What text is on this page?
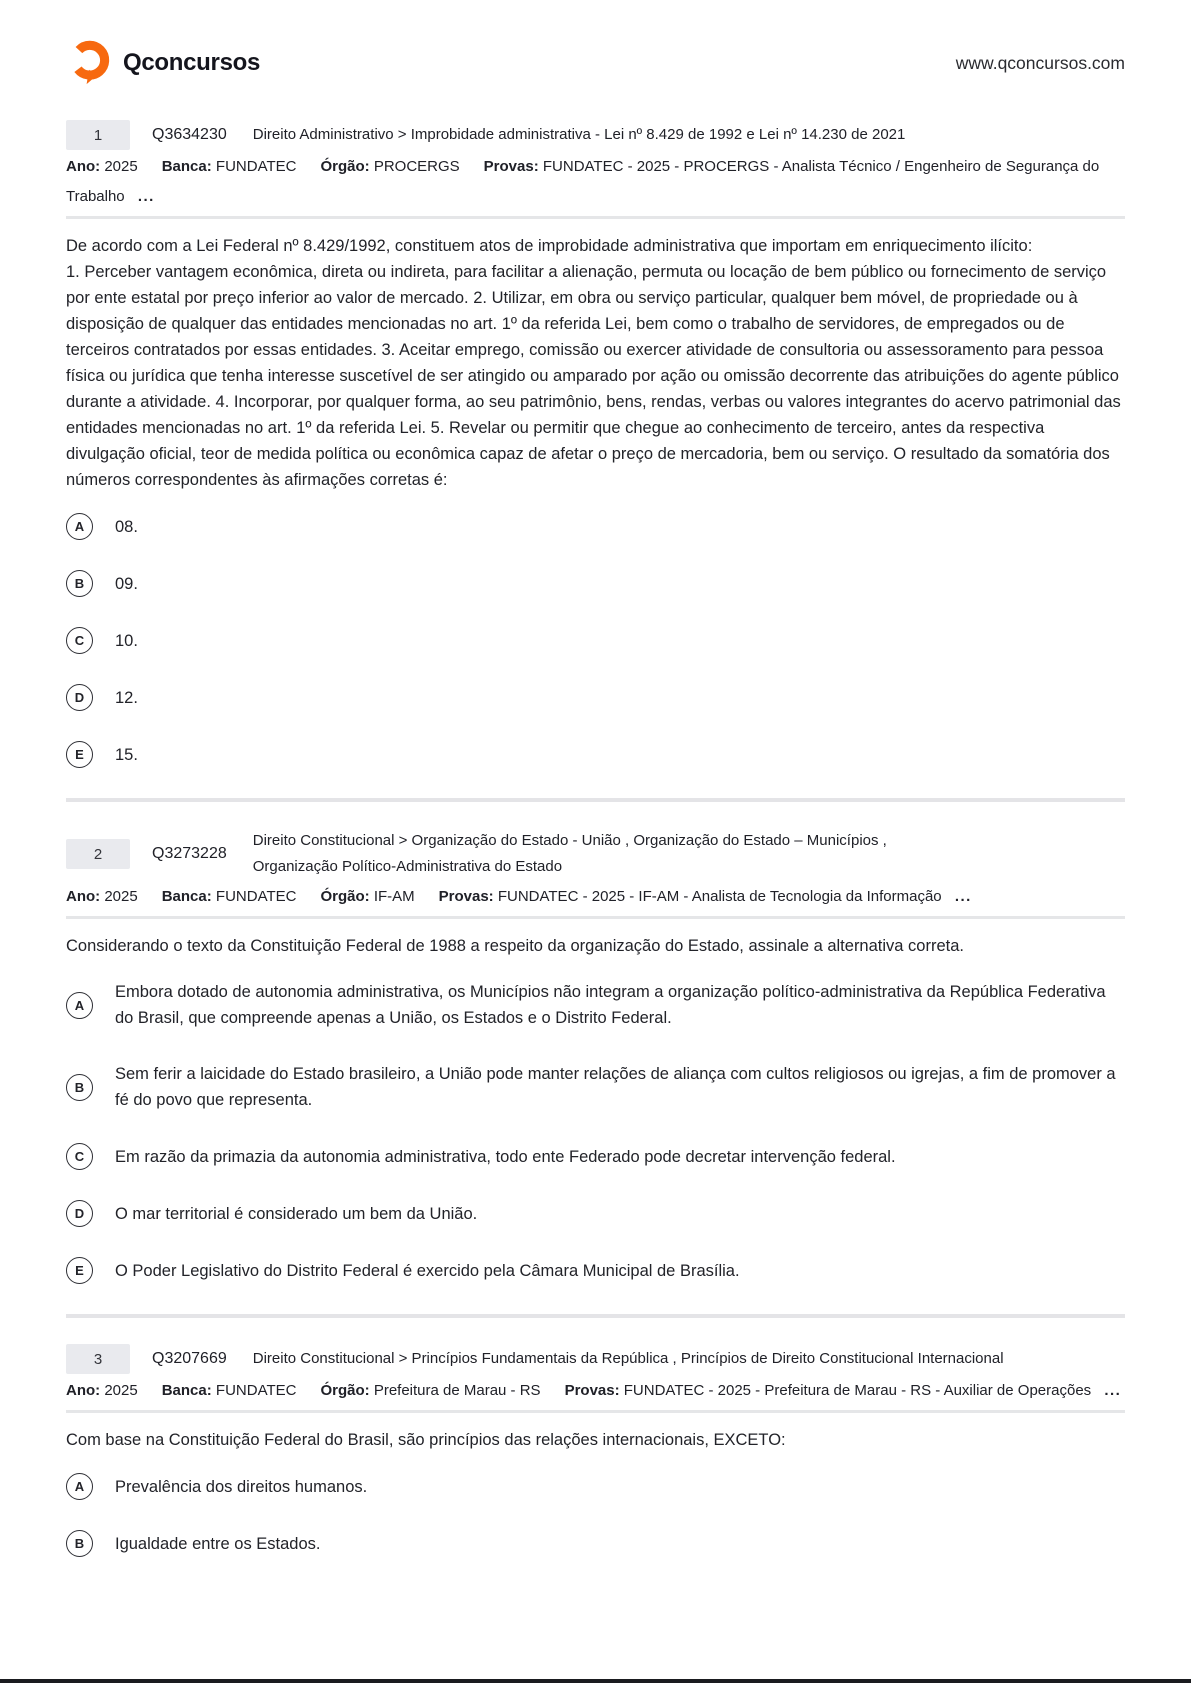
Qconcursos	www.qconcursos.com
1	Q3634230 Direito Administrativo > Improbidade administrativa - Lei nº 8.429 de 1992 e Lei nº 14.230 de 2021
Ano: 2025 Banca: FUNDATEC Órgão: PROCERGS Provas: FUNDATEC - 2025 - PROCERGS - Analista Técnico / Engenheiro de Segurança do Trabalho ...

De acordo com a Lei Federal nº 8.429/1992, constituem atos de improbidade administrativa que importam em enriquecimento ilícito:

1. Perceber vantagem econômica, direta ou indireta, para facilitar a alienação, permuta ou locação de bem público ou fornecimento de serviço por ente estatal por preço inferior ao valor de mercado. 2. Utilizar, em obra ou serviço particular, qualquer bem móvel, de propriedade ou à disposição de qualquer das entidades mencionadas no art. 1º da referida Lei, bem como o trabalho de servidores, de empregados ou de terceiros contratados por essas entidades. 3. Aceitar emprego, comissão ou exercer atividade de consultoria ou assessoramento para pessoa física ou jurídica que tenha interesse suscetível de ser atingido ou amparado por ação ou omissão decorrente das atribuições do agente público durante a atividade. 4. Incorporar, por qualquer forma, ao seu patrimônio, bens, rendas, verbas ou valores integrantes do acervo patrimonial das entidades mencionadas no art. 1º da referida Lei. 5. Revelar ou permitir que chegue ao conhecimento de terceiro, antes da respectiva divulgação oficial, teor de medida política ou econômica capaz de afetar o preço de mercadoria, bem ou serviço. O resultado da somatória dos números correspondentes às afirmações corretas é:

A	08.
B	09.
C	10.
D	12.
E	15.
2	Q3273228
Direito Constitucional > Organização do Estado - União , Organização do Estado – Municípios ,
Organização Político-Administrativa do Estado
Ano: 2025 Banca: FUNDATEC Órgão: IF-AM Provas: FUNDATEC - 2025 - IF-AM - Analista de Tecnologia da Informação ...

Considerando o texto da Constituição Federal de 1988 a respeito da organização do Estado, assinale a alternativa correta.

A
Embora dotado de autonomia administrativa, os Municípios não integram a organização político-administrativa da República Federativa do Brasil, que compreende apenas a União, os Estados e o Distrito Federal.
B
Sem ferir a laicidade do Estado brasileiro, a União pode manter relações de aliança com cultos religiosos ou igrejas, a fim de promover a fé do povo que representa.
C	Em razão da primazia da autonomia administrativa, todo ente Federado pode decretar intervenção federal.
D	O mar territorial é considerado um bem da União.
E	O Poder Legislativo do Distrito Federal é exercido pela Câmara Municipal de Brasília.
3	Q3207669 Direito Constitucional > Princípios Fundamentais da República , Princípios de Direito Constitucional Internacional
Ano: 2025 Banca: FUNDATEC Órgão: Prefeitura de Marau - RS Provas: FUNDATEC - 2025 - Prefeitura de Marau - RS - Auxiliar de Operações ...

Com base na Constituição Federal do Brasil, são princípios das relações internacionais, EXCETO:

A	Prevalência dos direitos humanos.
B	Igualdade entre os Estados.
